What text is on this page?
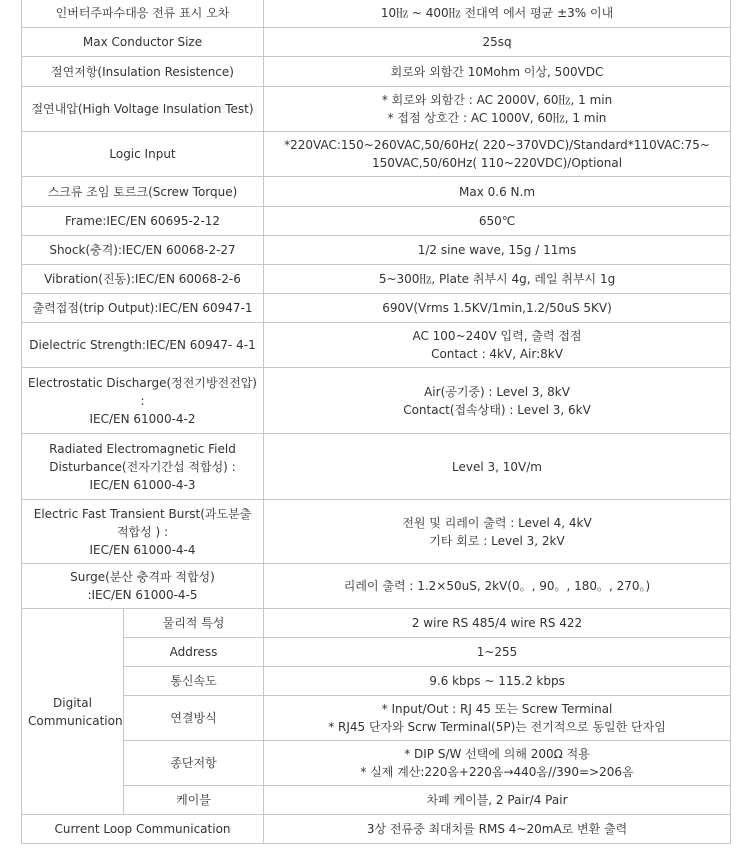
인버터주파수대응 전류 표시 오차		10㎐ ~ 400㎐ 전대역 에서 평균 ±3% 이내

Max Conductor Size		25sq

절연저항(Insulation Resistence)		회로와 외함간 10Mohm 이상, 500VDC

절연내압(High Voltage Insulation Test)		* 회로와 외함간 : AC 2000V, 60㎐, 1 min
* 접점 상호간 : AC 1000V, 60㎐, 1 min

Logic Input		*220VAC:150~260VAC,50/60Hz( 220~370VDC)/Standard*110VAC:75~
150VAC,50/60Hz( 110~220VDC)/Optional

스크류 조임 토르크(Screw Torque)		Max 0.6 N.m

Frame:IEC/EN 60695-2-12		650℃

Shock(충격):IEC/EN 60068-2-27		1/2 sine wave, 15g / 11ms

Vibration(진동):IEC/EN 60068-2-6		5~300㎐, Plate 취부시 4g, 레일 취부시 1g

출력접점(trip Output):IEC/EN 60947-1		690V(Vrms 1.5KV/1min,1.2/50uS 5KV)

Dielectric Strength:IEC/EN 60947- 4-1		AC 100~240V 입력, 출력 접점
Contact : 4kV, Air:8kV

Electrostatic Discharge(정전기방전전압) :
IEC/EN 61000-4-2		Air(공기중) : Level 3, 8kV
Contact(접속상태) : Level 3, 6kV

Radiated Electromagnetic Field Disturbance(전자기간섭 적합성) :
IEC/EN 61000-4-3		Level 3, 10V/m

Electric Fast Transient Burst(과도분출적합성 ) :
IEC/EN 61000-4-4		전원 및 리레이 출력 : Level 4, 4kV
기타 회로 : Level 3, 2kV

Surge(분산 충격파 적합성)
:IEC/EN 61000-4-5		리레이 출력 : 1.2×50uS, 2kV(0。, 90。, 180。, 270。)

Digital
Communication	물리적 특성	2 wire RS 485/4 wire RS 422

	Address	1~255

	통신속도	9.6 kbps ~ 115.2 kbps

	연결방식	* Input/Out : RJ 45 또는 Screw Terminal
* RJ45 단자와 Scrw Terminal(5P)는 전기적으로 동일한 단자임

	종단저항	* DIP S/W 선택에 의해 200Ω 적용
* 실제 계산:220옴+220옴→440옴//390=>206옴

	케이블	차폐 케이블, 2 Pair/4 Pair

Current Loop Communication		3상 전류중 최대치를 RMS 4~20mA로 변환 출력
